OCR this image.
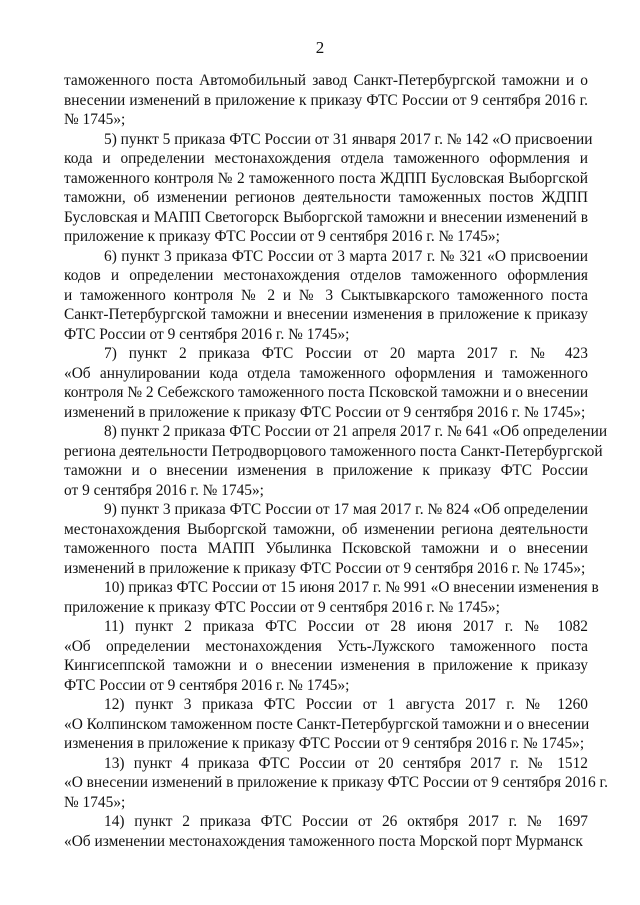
2
таможенного поста Автомобильный завод Санкт-Петербургской таможни и о
внесении изменений в приложение к приказу ФТС России от 9 сентября 2016 г.
№ 1745»;
5) пункт 5 приказа ФТС России от 31 января 2017 г. № 142 «О присвоении
кода и определении местонахождения отдела таможенного оформления и
таможенного контроля № 2 таможенного поста ЖДПП Бусловская Выборгской
таможни, об изменении регионов деятельности таможенных постов ЖДПП
Бусловская и МАПП Светогорск Выборгской таможни и внесении изменений в
приложение к приказу ФТС России от 9 сентября 2016 г. № 1745»;
6) пункт 3 приказа ФТС России от 3 марта 2017 г. № 321 «О присвоении
кодов и определении местонахождения отделов таможенного оформления
и таможенного контроля № 2 и № 3 Сыктывкарского таможенного поста
Санкт-Петербургской таможни и внесении изменения в приложение к приказу
ФТС России от 9 сентября 2016 г. № 1745»;
7) пункт 2 приказа ФТС России от 20 марта 2017 г. № 423
«Об аннулировании кода отдела таможенного оформления и таможенного
контроля № 2 Себежского таможенного поста Псковской таможни и о внесении
изменений в приложение к приказу ФТС России от 9 сентября 2016 г. № 1745»;
8) пункт 2 приказа ФТС России от 21 апреля 2017 г. № 641 «Об определении
региона деятельности Петродворцового таможенного поста Санкт-Петербургской
таможни и о внесении изменения в приложение к приказу ФТС России
от 9 сентября 2016 г. № 1745»;
9) пункт 3 приказа ФТС России от 17 мая 2017 г. № 824 «Об определении
местонахождения Выборгской таможни, об изменении региона деятельности
таможенного поста МАПП Убылинка Псковской таможни и о внесении
изменений в приложение к приказу ФТС России от 9 сентября 2016 г. № 1745»;
10) приказ ФТС России от 15 июня 2017 г. № 991 «О внесении изменения в
приложение к приказу ФТС России от 9 сентября 2016 г. № 1745»;
11) пункт 2 приказа ФТС России от 28 июня 2017 г. № 1082
«Об определении местонахождения Усть-Лужского таможенного поста
Кингисеппской таможни и о внесении изменения в приложение к приказу
ФТС России от 9 сентября 2016 г. № 1745»;
12) пункт 3 приказа ФТС России от 1 августа 2017 г. № 1260
«О Колпинском таможенном посте Санкт-Петербургской таможни и о внесении
изменения в приложение к приказу ФТС России от 9 сентября 2016 г. № 1745»;
13) пункт 4 приказа ФТС России от 20 сентября 2017 г. № 1512
«О внесении изменений в приложение к приказу ФТС России от 9 сентября 2016 г.
№ 1745»;
14) пункт 2 приказа ФТС России от 26 октября 2017 г. № 1697
«Об изменении местонахождения таможенного поста Морской порт Мурманск
